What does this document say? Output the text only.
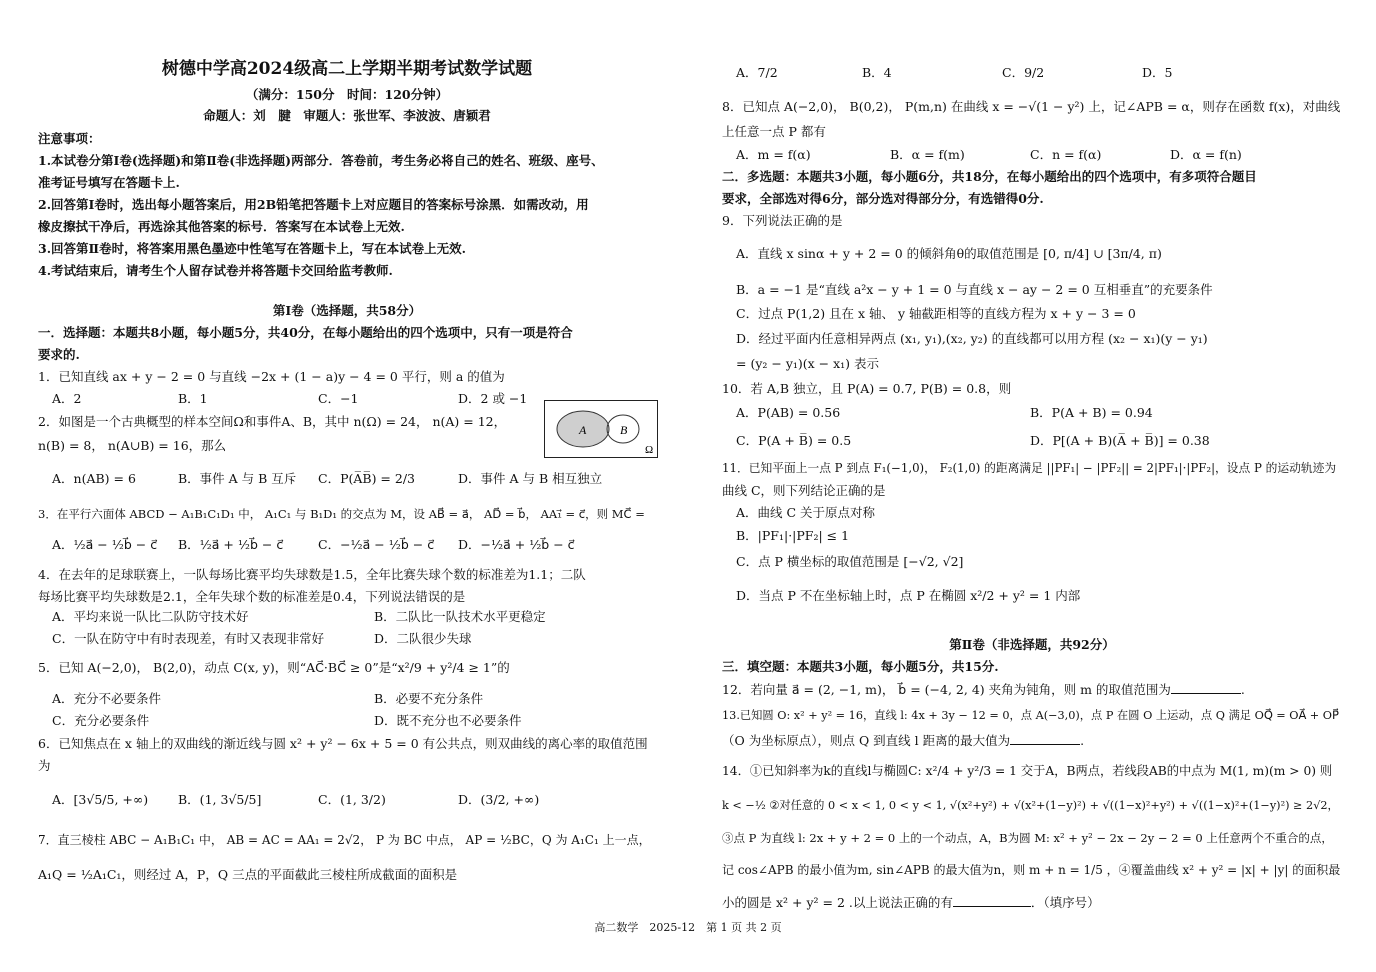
树德中学高2024级高二上学期半期考试数学试题
（满分：150分　时间：120分钟）
命题人：刘　腱　审题人：张世军、李波波、唐颖君
注意事项：
1.本试卷分第Ⅰ卷(选择题)和第Ⅱ卷(非选择题)两部分．答卷前，考生务必将自己的姓名、班级、座号、
准考证号填写在答题卡上.
2.回答第Ⅰ卷时，选出每小题答案后，用2B铅笔把答题卡上对应题目的答案标号涂黑．如需改动，用
橡皮擦拭干净后，再选涂其他答案的标号．答案写在本试卷上无效.
3.回答第Ⅱ卷时，将答案用黑色墨迹中性笔写在答题卡上，写在本试卷上无效.
4.考试结束后，请考生个人留存试卷并将答题卡交回给监考教师.
第Ⅰ卷（选择题，共58分）
一．选择题：本题共8小题，每小题5分，共40分，在每小题给出的四个选项中，只有一项是符合
要求的.
1．已知直线 ax + y − 2 = 0 与直线 −2x + (1 − a)y − 4 = 0 平行，则 a 的值为
A．2	B．1	C．−1	D．2 或 −1
2．如图是一个古典概型的样本空间Ω和事件A、B，其中 n(Ω) = 24， n(A) = 12，
n(B) = 8， n(A∪B) = 16，那么
A	B
Ω
A．n(AB) = 6	B．事件 A 与 B 互斥 C．P(A̅B̅) = 2/3	D．事件 A 与 B 相互独立
3．在平行六面体 ABCD − A₁B₁C₁D₁ 中， A₁C₁ 与 B₁D₁ 的交点为 M，设 AB⃗ = a⃗， AD⃗ = b⃗， AA₁⃗ = c⃗，则 MC⃗ =
A．½a⃗ − ½b⃗ − c⃗ B．½a⃗ + ½b⃗ − c⃗	C．−½a⃗ − ½b⃗ − c⃗ D．−½a⃗ + ½b⃗ − c⃗
4．在去年的足球联赛上，一队每场比赛平均失球数是1.5，全年比赛失球个数的标准差为1.1；二队
每场比赛平均失球数是2.1，全年失球个数的标准差是0.4，下列说法错误的是
A．平均来说一队比二队防守技术好	B．二队比一队技术水平更稳定
C．一队在防守中有时表现差，有时又表现非常好	D．二队很少失球
5．已知 A(−2,0)， B(2,0)，动点 C(x, y)，则“AC⃗·BC⃗ ≥ 0”是“x²/9 + y²/4 ≥ 1”的
A．充分不必要条件	B．必要不充分条件
C．充分必要条件	D．既不充分也不必要条件
6．已知焦点在 x 轴上的双曲线的渐近线与圆 x² + y² − 6x + 5 = 0 有公共点，则双曲线的离心率的取值范围
为
A．[3√5/5, +∞) B．(1, 3√5/5]	C．(1, 3/2)	D．(3/2, +∞)
7．直三棱柱 ABC − A₁B₁C₁ 中， AB = AC = AA₁ = 2√2， P 为 BC 中点， AP = ½BC，Q 为 A₁C₁ 上一点，
A₁Q = ½A₁C₁，则经过 A，P，Q 三点的平面截此三棱柱所成截面的面积是
A．7/2	B．4	C．9/2	D．5
8．已知点 A(−2,0)， B(0,2)， P(m,n) 在曲线 x = −√(1 − y²) 上，记∠APB = α，则存在函数 f(x)，对曲线
上任意一点 P 都有
A．m = f(α)	B．α = f(m)	C．n = f(α)	D．α = f(n)
二．多选题：本题共3小题，每小题6分，共18分，在每小题给出的四个选项中，有多项符合题目
要求，全部选对得6分，部分选对得部分分，有选错得0分.
9．下列说法正确的是
A．直线 x sinα + y + 2 = 0 的倾斜角θ的取值范围是 [0, π/4] ∪ [3π/4, π)
B．a = −1 是“直线 a²x − y + 1 = 0 与直线 x − ay − 2 = 0 互相垂直”的充要条件
C．过点 P(1,2) 且在 x 轴、 y 轴截距相等的直线方程为 x + y − 3 = 0
D．经过平面内任意相异两点 (x₁, y₁),(x₂, y₂) 的直线都可以用方程 (x₂ − x₁)(y − y₁)
= (y₂ − y₁)(x − x₁) 表示
10．若 A,B 独立，且 P(A) = 0.7, P(B) = 0.8，则
A．P(AB) = 0.56	B．P(A + B) = 0.94
C．P(A + B̅) = 0.5	D．P[(A + B)(A̅ + B̅)] = 0.38
11．已知平面上一点 P 到点 F₁(−1,0)， F₂(1,0) 的距离满足 ||PF₁| − |PF₂|| = 2|PF₁|·|PF₂|，设点 P 的运动轨迹为
曲线 C，则下列结论正确的是
A．曲线 C 关于原点对称
B．|PF₁|·|PF₂| ≤ 1
C．点 P 横坐标的取值范围是 [−√2, √2]
D．当点 P 不在坐标轴上时，点 P 在椭圆 x²/2 + y² = 1 内部
第Ⅱ卷（非选择题，共92分）
三．填空题：本题共3小题，每小题5分，共15分.
12．若向量 a⃗ = (2, −1, m)， b⃗ = (−4, 2, 4) 夹角为钝角，则 m 的取值范围为	.
13.已知圆 O: x² + y² = 16，直线 l: 4x + 3y − 12 = 0，点 A(−3,0)，点 P 在圆 O 上运动，点 Q 满足 OQ⃗ = OA⃗ + OP⃗
（O 为坐标原点），则点 Q 到直线 l 距离的最大值为	.
14．①已知斜率为k的直线l与椭圆C: x²/4 + y²/3 = 1 交于A，B两点，若线段AB的中点为 M(1, m)(m > 0) 则
k < −½ ②对任意的 0 < x < 1, 0 < y < 1, √(x²+y²) + √(x²+(1−y)²) + √((1−x)²+y²) + √((1−x)²+(1−y)²) ≥ 2√2，
③点 P 为直线 l: 2x + y + 2 = 0 上的一个动点，A，B为圆 M: x² + y² − 2x − 2y − 2 = 0 上任意两个不重合的点，
记 cos∠APB 的最小值为m, sin∠APB 的最大值为n，则 m + n = 1/5 ，④覆盖曲线 x² + y² = |x| + |y| 的面积最
小的圆是 x² + y² = 2 .以上说法正确的有	．（填序号）
高二数学　2025-12　第 1 页 共 2 页
